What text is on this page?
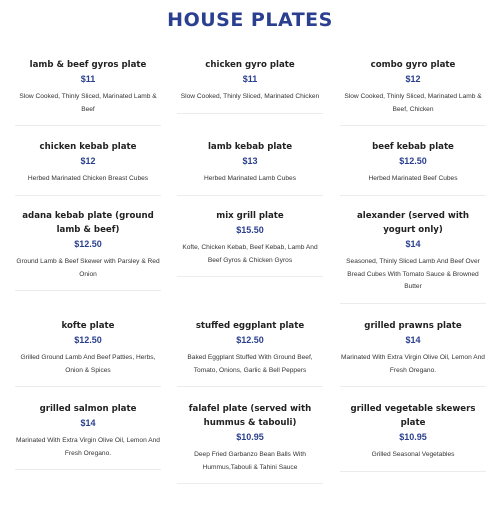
HOUSE PLATES
lamb & beef gyros plate
$11
Slow Cooked, Thinly Sliced, Marinated Lamb & Beef
chicken gyro plate
$11
Slow Cooked, Thinly Sliced, Marinated Chicken
combo gyro plate
$12
Slow Cooked, Thinly Sliced, Marinated Lamb & Beef, Chicken
chicken kebab plate
$12
Herbed Marinated Chicken Breast Cubes
lamb kebab plate
$13
Herbed Marinated Lamb Cubes
beef kebab plate
$12.50
Herbed Marinated Beef Cubes
adana kebab plate (ground lamb & beef)
$12.50
Ground Lamb & Beef Skewer with Parsley & Red Onion
mix grill plate
$15.50
Kofte, Chicken Kebab, Beef Kebab, Lamb And Beef Gyros & Chicken Gyros
alexander (served with yogurt only)
$14
Seasoned, Thinly Sliced Lamb And Beef Over Bread Cubes With Tomato Sauce & Browned Butter
kofte plate
$12.50
Grilled Ground Lamb And Beef Patties, Herbs, Onion & Spices
stuffed eggplant plate
$12.50
Baked Eggplant Stuffed With Ground Beef, Tomato, Onions, Garlic & Bell Peppers
grilled prawns plate
$14
Marinated With Extra Virgin Olive Oil, Lemon And Fresh Oregano.
grilled salmon plate
$14
Marinated With Extra Virgin Olive Oil, Lemon And Fresh Oregano.
falafel plate (served with hummus & tabouli)
$10.95
Deep Fried Garbanzo Bean Balls With Hummus,Tabouli & Tahini Sauce
grilled vegetable skewers plate
$10.95
Grilled Seasonal Vegetables
